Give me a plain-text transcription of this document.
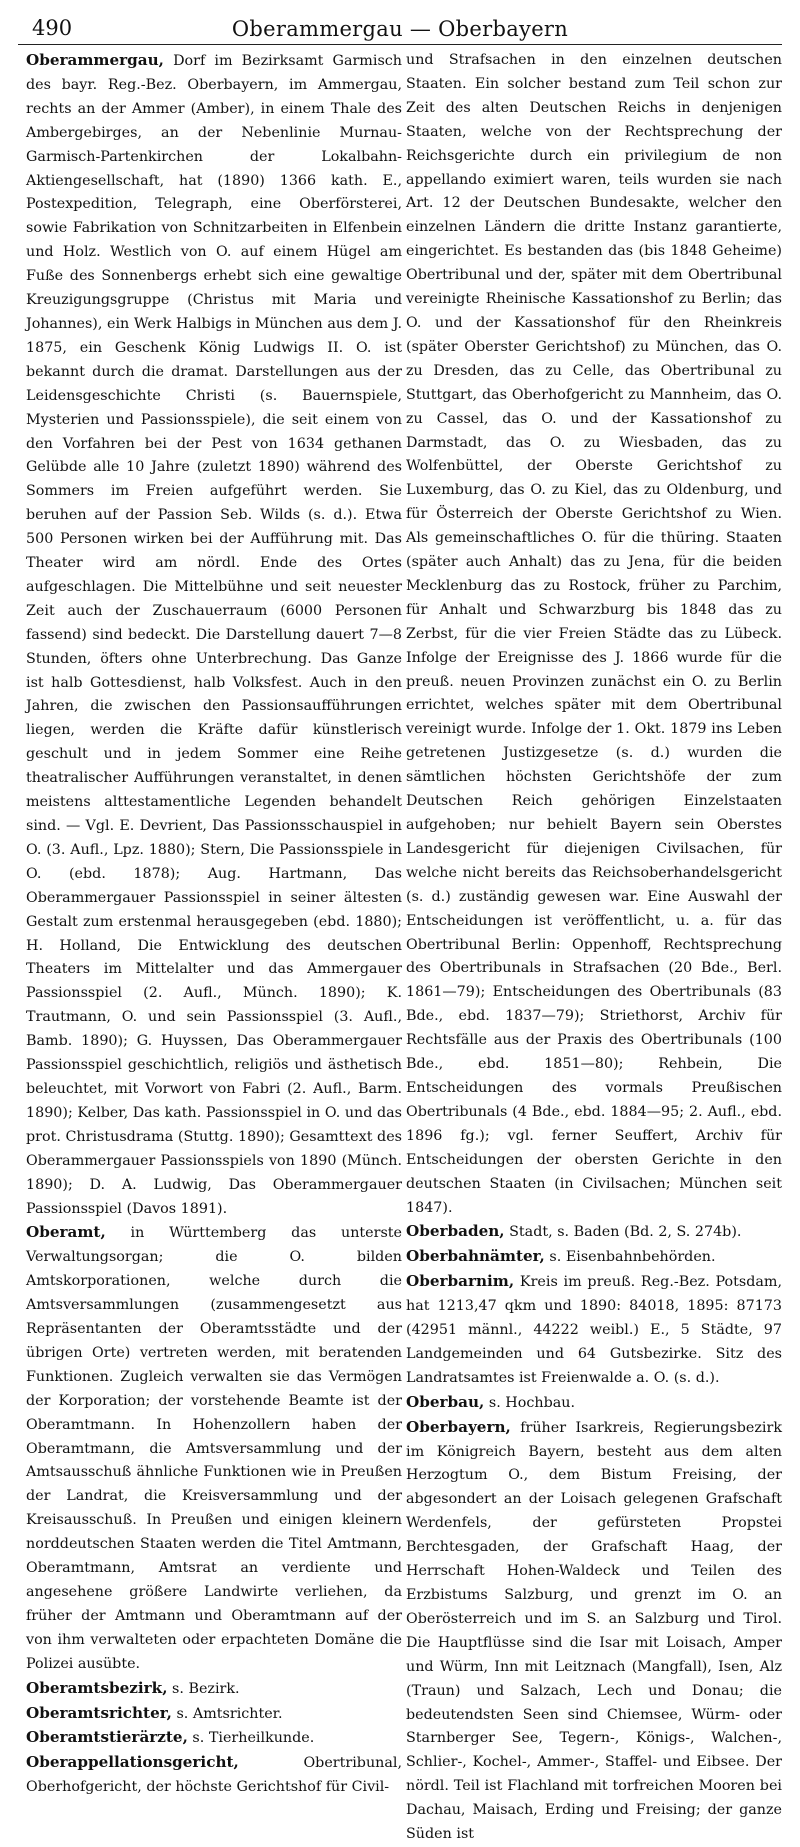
490	Oberammergau — Oberbayern

Oberammergau, Dorf im Bezirksamt Garmisch des bayr. Reg.-Bez. Oberbayern, im Ammergau, rechts an der Ammer (Amber), in einem Thale des Ambergebirges, an der Nebenlinie Murnau-Garmisch-Partenkirchen der Lokalbahn-Aktiengesellschaft, hat (1890) 1366 kath. E., Postexpedition, Telegraph, eine Oberförsterei, sowie Fabrikation von Schnitzarbeiten in Elfenbein und Holz. Westlich von O. auf einem Hügel am Fuße des Sonnenbergs erhebt sich eine gewaltige Kreuzigungsgruppe (Christus mit Maria und Johannes), ein Werk Halbigs in München aus dem J. 1875, ein Geschenk König Ludwigs II. O. ist bekannt durch die dramat. Darstellungen aus der Leidensgeschichte Christi (s. Bauernspiele, Mysterien und Passionsspiele), die seit einem von den Vorfahren bei der Pest von 1634 gethanen Gelübde alle 10 Jahre (zuletzt 1890) während des Sommers im Freien aufgeführt werden. Sie beruhen auf der Passion Seb. Wilds (s. d.). Etwa 500 Personen wirken bei der Aufführung mit. Das Theater wird am nördl. Ende des Ortes aufgeschlagen. Die Mittelbühne und seit neuester Zeit auch der Zuschauerraum (6000 Personen fassend) sind bedeckt. Die Darstellung dauert 7—8 Stunden, öfters ohne Unterbrechung. Das Ganze ist halb Gottesdienst, halb Volksfest. Auch in den Jahren, die zwischen den Passionsaufführungen liegen, werden die Kräfte dafür künstlerisch geschult und in jedem Sommer eine Reihe theatralischer Aufführungen veranstaltet, in denen meistens alttestamentliche Legenden behandelt sind. — Vgl. E. Devrient, Das Passionsschauspiel in O. (3. Aufl., Lpz. 1880); Stern, Die Passionsspiele in O. (ebd. 1878); Aug. Hartmann, Das Oberammergauer Passionsspiel in seiner ältesten Gestalt zum erstenmal herausgegeben (ebd. 1880); H. Holland, Die Entwicklung des deutschen Theaters im Mittelalter und das Ammergauer Passionsspiel (2. Aufl., Münch. 1890); K. Trautmann, O. und sein Passionsspiel (3. Aufl., Bamb. 1890); G. Huyssen, Das Oberammergauer Passionsspiel geschichtlich, religiös und ästhetisch beleuchtet, mit Vorwort von Fabri (2. Aufl., Barm. 1890); Kelber, Das kath. Passionsspiel in O. und das prot. Christusdrama (Stuttg. 1890); Gesamttext des Oberammergauer Passionsspiels von 1890 (Münch. 1890); D. A. Ludwig, Das Oberammergauer Passionsspiel (Davos 1891).

Oberamt, in Württemberg das unterste Verwaltungsorgan; die O. bilden Amtskorporationen, welche durch die Amtsversammlungen (zusammengesetzt aus Repräsentanten der Oberamtsstädte und der übrigen Orte) vertreten werden, mit beratenden Funktionen. Zugleich verwalten sie das Vermögen der Korporation; der vorstehende Beamte ist der Oberamtmann. In Hohenzollern haben der Oberamtmann, die Amtsversammlung und der Amtsausschuß ähnliche Funktionen wie in Preußen der Landrat, die Kreisversammlung und der Kreisausschuß. In Preußen und einigen kleinern norddeutschen Staaten werden die Titel Amtmann, Oberamtmann, Amtsrat an verdiente und angesehene größere Landwirte verliehen, da früher der Amtmann und Oberamtmann auf der von ihm verwalteten oder erpachteten Domäne die Polizei ausübte.

Oberamtsbezirk, s. Bezirk.

Oberamtsrichter, s. Amtsrichter.

Oberamtstierärzte, s. Tierheilkunde.

Oberappellationsgericht, Obertribunal, Oberhofgericht, der höchste Gerichtshof für Civil-

und Strafsachen in den einzelnen deutschen Staaten. Ein solcher bestand zum Teil schon zur Zeit des alten Deutschen Reichs in denjenigen Staaten, welche von der Rechtsprechung der Reichsgerichte durch ein privilegium de non appellando eximiert waren, teils wurden sie nach Art. 12 der Deutschen Bundesakte, welcher den einzelnen Ländern die dritte Instanz garantierte, eingerichtet. Es bestanden das (bis 1848 Geheime) Obertribunal und der, später mit dem Obertribunal vereinigte Rheinische Kassationshof zu Berlin; das O. und der Kassationshof für den Rheinkreis (später Oberster Gerichtshof) zu München, das O. zu Dresden, das zu Celle, das Obertribunal zu Stuttgart, das Oberhofgericht zu Mannheim, das O. zu Cassel, das O. und der Kassationshof zu Darmstadt, das O. zu Wiesbaden, das zu Wolfenbüttel, der Oberste Gerichtshof zu Luxemburg, das O. zu Kiel, das zu Oldenburg, und für Österreich der Oberste Gerichtshof zu Wien. Als gemeinschaftliches O. für die thüring. Staaten (später auch Anhalt) das zu Jena, für die beiden Mecklenburg das zu Rostock, früher zu Parchim, für Anhalt und Schwarzburg bis 1848 das zu Zerbst, für die vier Freien Städte das zu Lübeck. Infolge der Ereignisse des J. 1866 wurde für die preuß. neuen Provinzen zunächst ein O. zu Berlin errichtet, welches später mit dem Obertribunal vereinigt wurde. Infolge der 1. Okt. 1879 ins Leben getretenen Justizgesetze (s. d.) wurden die sämtlichen höchsten Gerichtshöfe der zum Deutschen Reich gehörigen Einzelstaaten aufgehoben; nur behielt Bayern sein Oberstes Landesgericht für diejenigen Civilsachen, für welche nicht bereits das Reichsoberhandelsgericht (s. d.) zuständig gewesen war. Eine Auswahl der Entscheidungen ist veröffentlicht, u. a. für das Obertribunal Berlin: Oppenhoff, Rechtsprechung des Obertribunals in Strafsachen (20 Bde., Berl. 1861—79); Entscheidungen des Obertribunals (83 Bde., ebd. 1837—79); Striethorst, Archiv für Rechtsfälle aus der Praxis des Obertribunals (100 Bde., ebd. 1851—80); Rehbein, Die Entscheidungen des vormals Preußischen Obertribunals (4 Bde., ebd. 1884—95; 2. Aufl., ebd. 1896 fg.); vgl. ferner Seuffert, Archiv für Entscheidungen der obersten Gerichte in den deutschen Staaten (in Civilsachen; München seit 1847).

Oberbaden, Stadt, s. Baden (Bd. 2, S. 274b).

Oberbahnämter, s. Eisenbahnbehörden.

Oberbarnim, Kreis im preuß. Reg.-Bez. Potsdam, hat 1213,47 qkm und 1890: 84018, 1895: 87173 (42951 männl., 44222 weibl.) E., 5 Städte, 97 Landgemeinden und 64 Gutsbezirke. Sitz des Landratsamtes ist Freienwalde a. O. (s. d.).

Oberbau, s. Hochbau.

Oberbayern, früher Isarkreis, Regierungsbezirk im Königreich Bayern, besteht aus dem alten Herzogtum O., dem Bistum Freising, der abgesondert an der Loisach gelegenen Grafschaft Werdenfels, der gefürsteten Propstei Berchtesgaden, der Grafschaft Haag, der Herrschaft Hohen-Waldeck und Teilen des Erzbistums Salzburg, und grenzt im O. an Oberösterreich und im S. an Salzburg und Tirol. Die Hauptflüsse sind die Isar mit Loisach, Amper und Würm, Inn mit Leitznach (Mangfall), Isen, Alz (Traun) und Salzach, Lech und Donau; die bedeutendsten Seen sind Chiemsee, Würm- oder Starnberger See, Tegern-, Königs-, Walchen-, Schlier-, Kochel-, Ammer-, Staffel- und Eibsee. Der nördl. Teil ist Flachland mit torfreichen Mooren bei Dachau, Maisach, Erding und Freising; der ganze Süden ist
